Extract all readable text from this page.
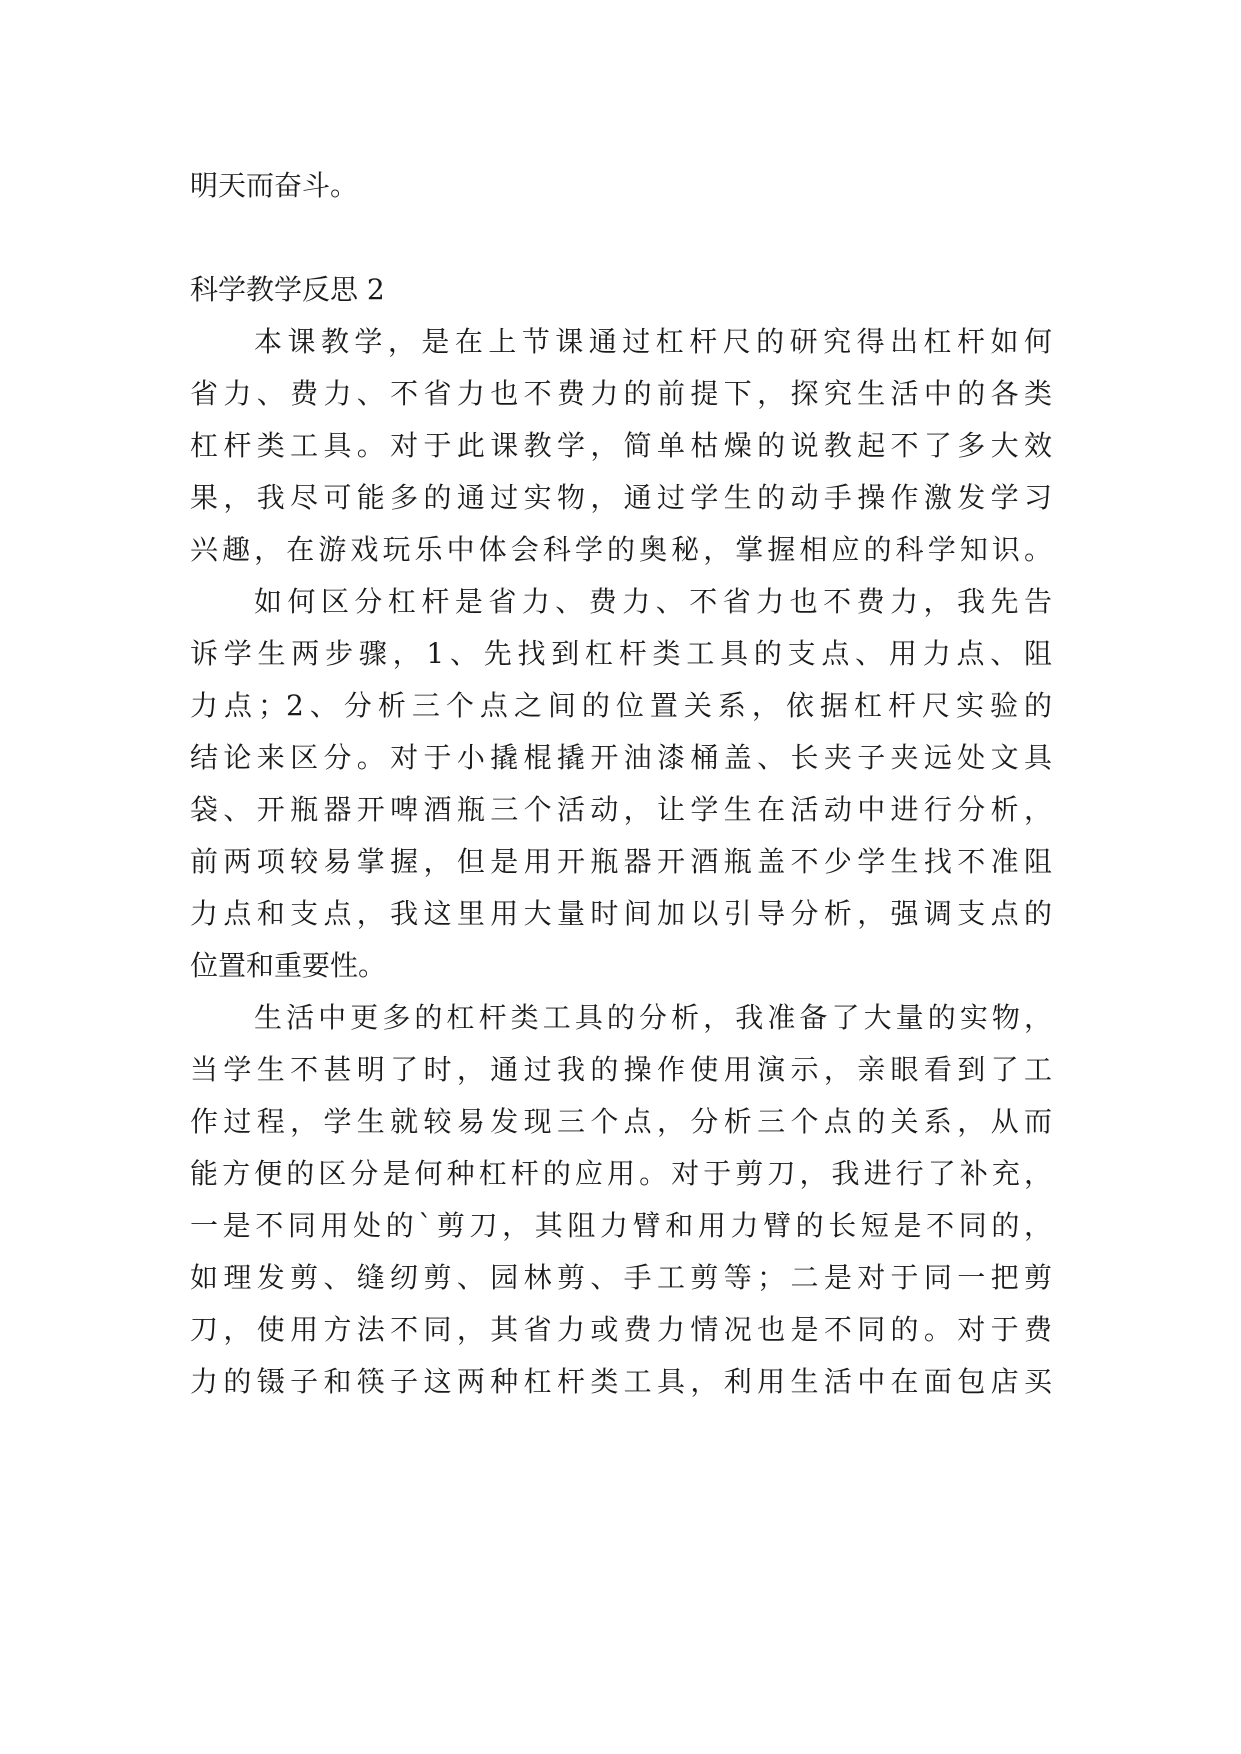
明天而奋斗。

科学教学反思 2

本课教学，是在上节课通过杠杆尺的研究得出杠杆如何

省力、费力、不省力也不费力的前提下，探究生活中的各类

杠杆类工具。对于此课教学，简单枯燥的说教起不了多大效

果，我尽可能多的通过实物，通过学生的动手操作激发学习

兴趣，在游戏玩乐中体会科学的奥秘，掌握相应的科学知识。

如何区分杠杆是省力、费力、不省力也不费力，我先告

诉学生两步骤，1、先找到杠杆类工具的支点、用力点、阻

力点；2、分析三个点之间的位置关系，依据杠杆尺实验的

结论来区分。对于小撬棍撬开油漆桶盖、长夹子夹远处文具

袋、开瓶器开啤酒瓶三个活动，让学生在活动中进行分析，

前两项较易掌握，但是用开瓶器开酒瓶盖不少学生找不准阻

力点和支点，我这里用大量时间加以引导分析，强调支点的

位置和重要性。

生活中更多的杠杆类工具的分析，我准备了大量的实物，

当学生不甚明了时，通过我的操作使用演示，亲眼看到了工

作过程，学生就较易发现三个点，分析三个点的关系，从而

能方便的区分是何种杠杆的应用。对于剪刀，我进行了补充，

一是不同用处的`剪刀，其阻力臂和用力臂的长短是不同的，

如理发剪、缝纫剪、园林剪、手工剪等；二是对于同一把剪

刀，使用方法不同，其省力或费力情况也是不同的。对于费

力的镊子和筷子这两种杠杆类工具，利用生活中在面包店买
